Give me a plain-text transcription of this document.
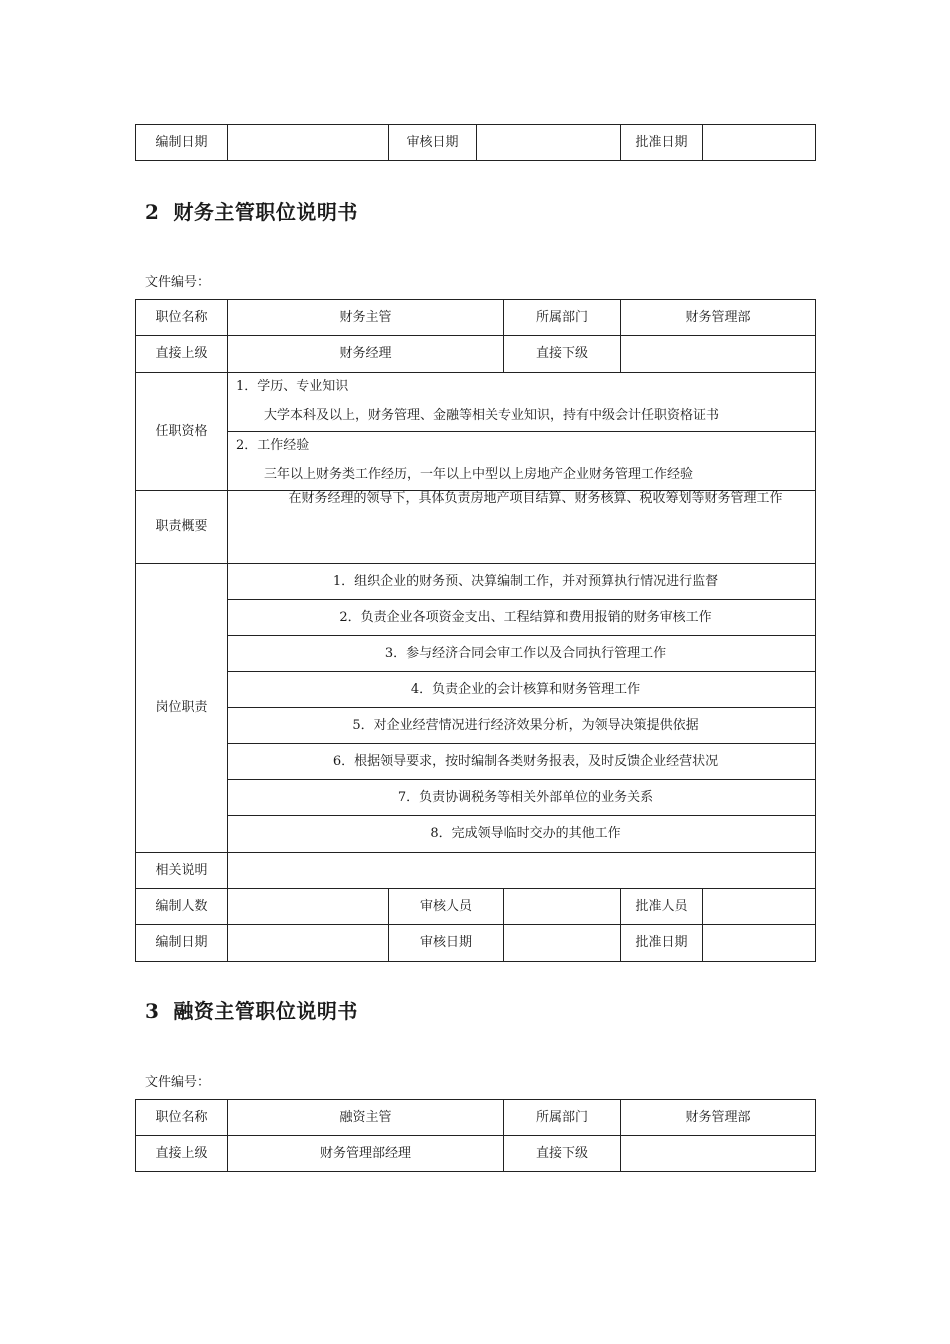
编制日期		审核日期		批准日期	
2 财务主管职位说明书
文件编号：
职位名称	财务主管		所属部门	财务管理部	
直接上级	财务经理		直接下级		
任职资格	1．学历、专业知识
大学本科及以上，财务管理、金融等相关专业知识，持有中级会计任职资格证书				

	2．工作经验
三年以上财务类工作经历，一年以上中型以上房地产企业财务管理工作经验				

职责概要	在财务经理的领导下，具体负责房地产项目结算、财务核算、税收筹划等财务管理工作				
岗位职责	1．组织企业的财务预、决算编制工作，并对预算执行情况进行监督				
	2．负责企业各项资金支出、工程结算和费用报销的财务审核工作				
	3．参与经济合同会审工作以及合同执行管理工作				
	4．负责企业的会计核算和财务管理工作				
	5．对企业经营情况进行经济效果分析，为领导决策提供依据				
	6．根据领导要求，按时编制各类财务报表，及时反馈企业经营状况				
	7．负责协调税务等相关外部单位的业务关系				
	8．完成领导临时交办的其他工作				
相关说明					
编制人数		审核人员		批准人员	
编制日期		审核日期		批准日期	
3 融资主管职位说明书
文件编号：
职位名称	融资主管	所属部门	财务管理部
直接上级	财务管理部经理	直接下级	
